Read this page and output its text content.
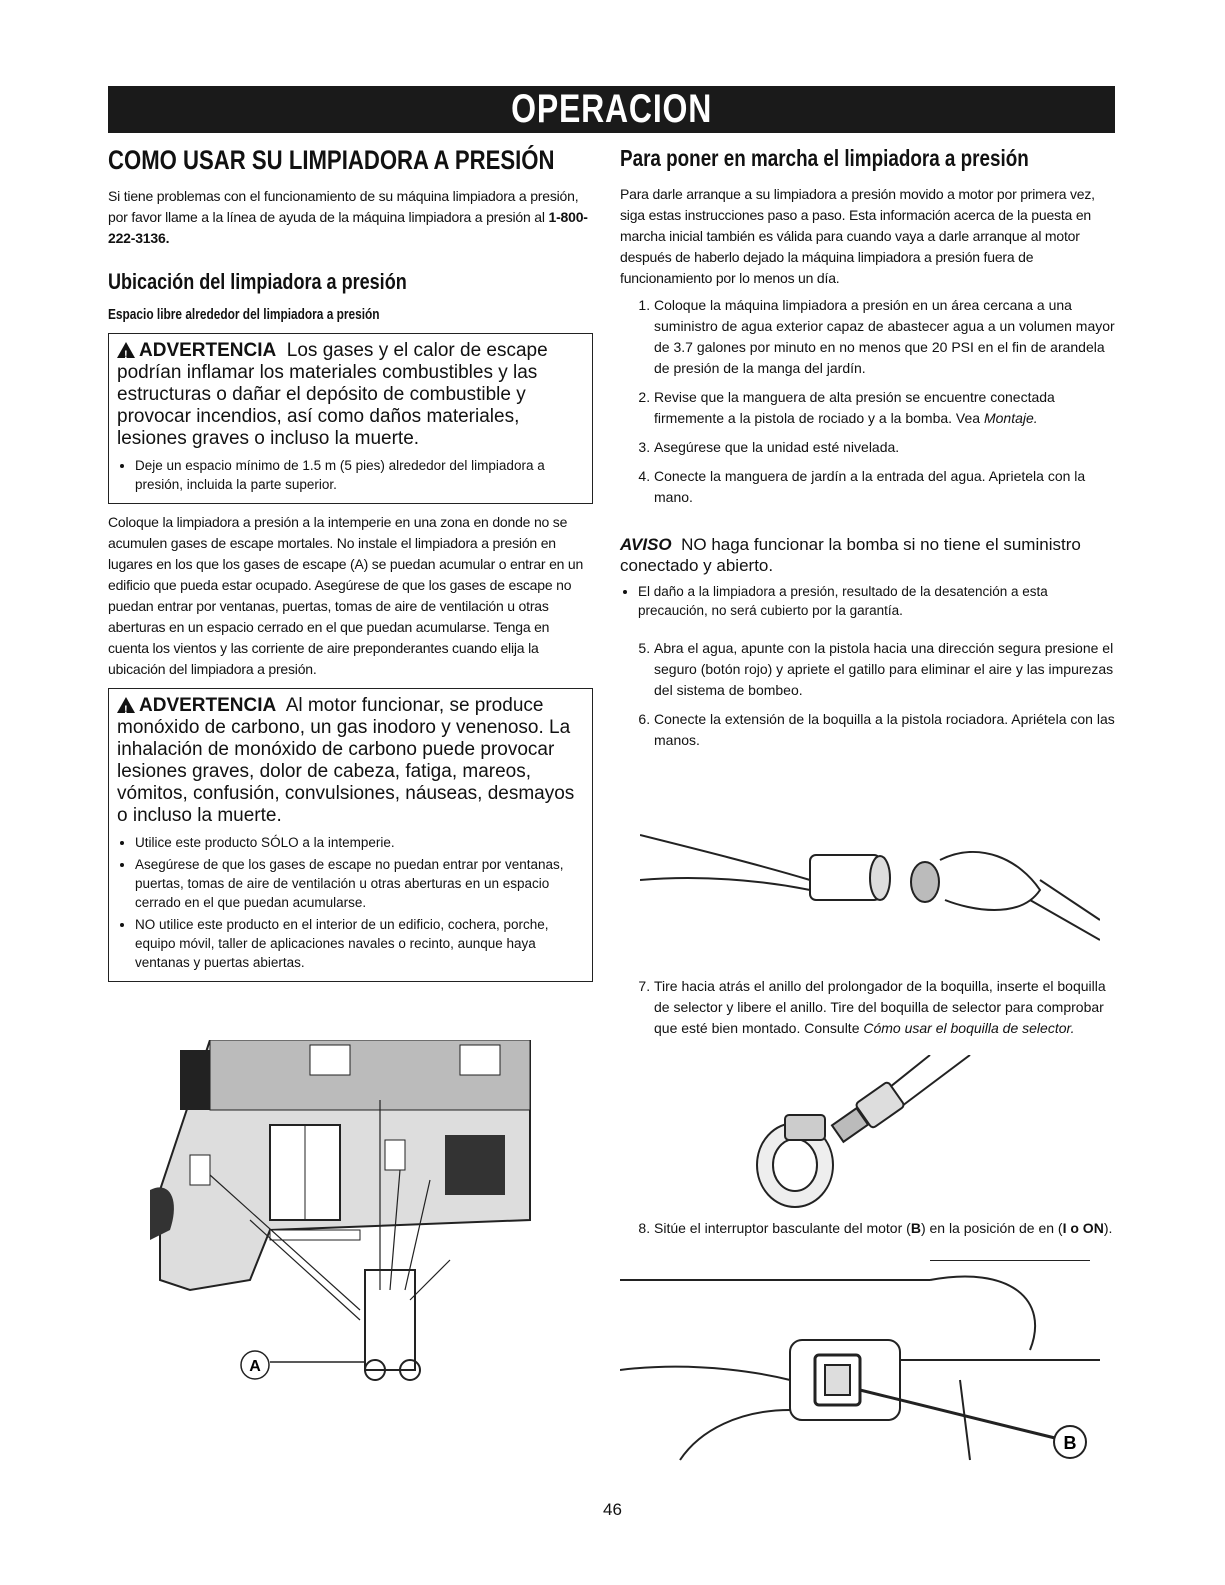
OPERACION
COMO USAR SU LIMPIADORA A PRESIÓN

Si tiene problemas con el funcionamiento de su máquina limpiadora a presión, por favor llame a la línea de ayuda de la máquina limpiadora a presión al 1-800-222-3136.

Ubicación del limpiadora a presión
Espacio libre alrededor del limpiadora a presión
!ADVERTENCIA Los gases y el calor de escape podrían inflamar los materiales combustibles y las estructuras o dañar el depósito de combustible y provocar incendios, así como daños materiales, lesiones graves o incluso la muerte.
• Deje un espacio mínimo de 1.5 m (5 pies) alrededor del limpiadora a presión, incluida la parte superior.

Coloque la limpiadora a presión a la intemperie en una zona en donde no se acumulen gases de escape mortales. No instale el limpiadora a presión en lugares en los que los gases de escape (A) se puedan acumular o entrar en un edificio que pueda estar ocupado. Asegúrese de que los gases de escape no puedan entrar por ventanas, puertas, tomas de aire de ventilación u otras aberturas en un espacio cerrado en el que puedan acumularse. Tenga en cuenta los vientos y las corriente de aire preponderantes cuando elija la ubicación del limpiadora a presión.

!ADVERTENCIA Al motor funcionar, se produce monóxido de carbono, un gas inodoro y venenoso. La inhalación de monóxido de carbono puede provocar lesiones graves, dolor de cabeza, fatiga, mareos, vómitos, confusión, convulsiones, náuseas, desmayos o incluso la muerte.
• Utilice este producto SÓLO a la intemperie.
• Asegúrese de que los gases de escape no puedan entrar por ventanas, puertas, tomas de aire de ventilación u otras aberturas en un espacio cerrado en el que puedan acumularse.
• NO utilice este producto en el interior de un edificio, cochera, porche, equipo móvil, taller de aplicaciones navales o recinto, aunque haya ventanas y puertas abiertas.
A
Para poner en marcha el limpiadora a presión

Para darle arranque a su limpiadora a presión movido a motor por primera vez, siga estas instrucciones paso a paso. Esta información acerca de la puesta en marcha inicial también es válida para cuando vaya a darle arranque al motor después de haberlo dejado la máquina limpiadora a presión fuera de funcionamiento por lo menos un día.

1. Coloque la máquina limpiadora a presión en un área cercana a una suministro de agua exterior capaz de abastecer agua a un volumen mayor de 3.7 galones por minuto en no menos que 20 PSI en el fin de arandela de presión de la manga del jardín.
2. Revise que la manguera de alta presión se encuentre conectada firmemente a la pistola de rociado y a la bomba. Vea Montaje.
3. Asegúrese que la unidad esté nivelada.
4. Conecte la manguera de jardín a la entrada del agua. Aprietela con la mano.
AVISO NO haga funcionar la bomba si no tiene el suministro conectado y abierto.
• El daño a la limpiadora a presión, resultado de la desatención a esta precaución, no será cubierto por la garantía.
5. Abra el agua, apunte con la pistola hacia una dirección segura presione el seguro (botón rojo) y apriete el gatillo para eliminar el aire y las impurezas del sistema de bombeo.
6. Conecte la extensión de la boquilla a la pistola rociadora. Apriétela con las manos.
7. Tire hacia atrás el anillo del prolongador de la boquilla, inserte el boquilla de selector y libere el anillo. Tire del boquilla de selector para comprobar que esté bien montado. Consulte Cómo usar el boquilla de selector.
8. Sitúe el interruptor basculante del motor (B) en la posición de en (I o ON).
B
46
